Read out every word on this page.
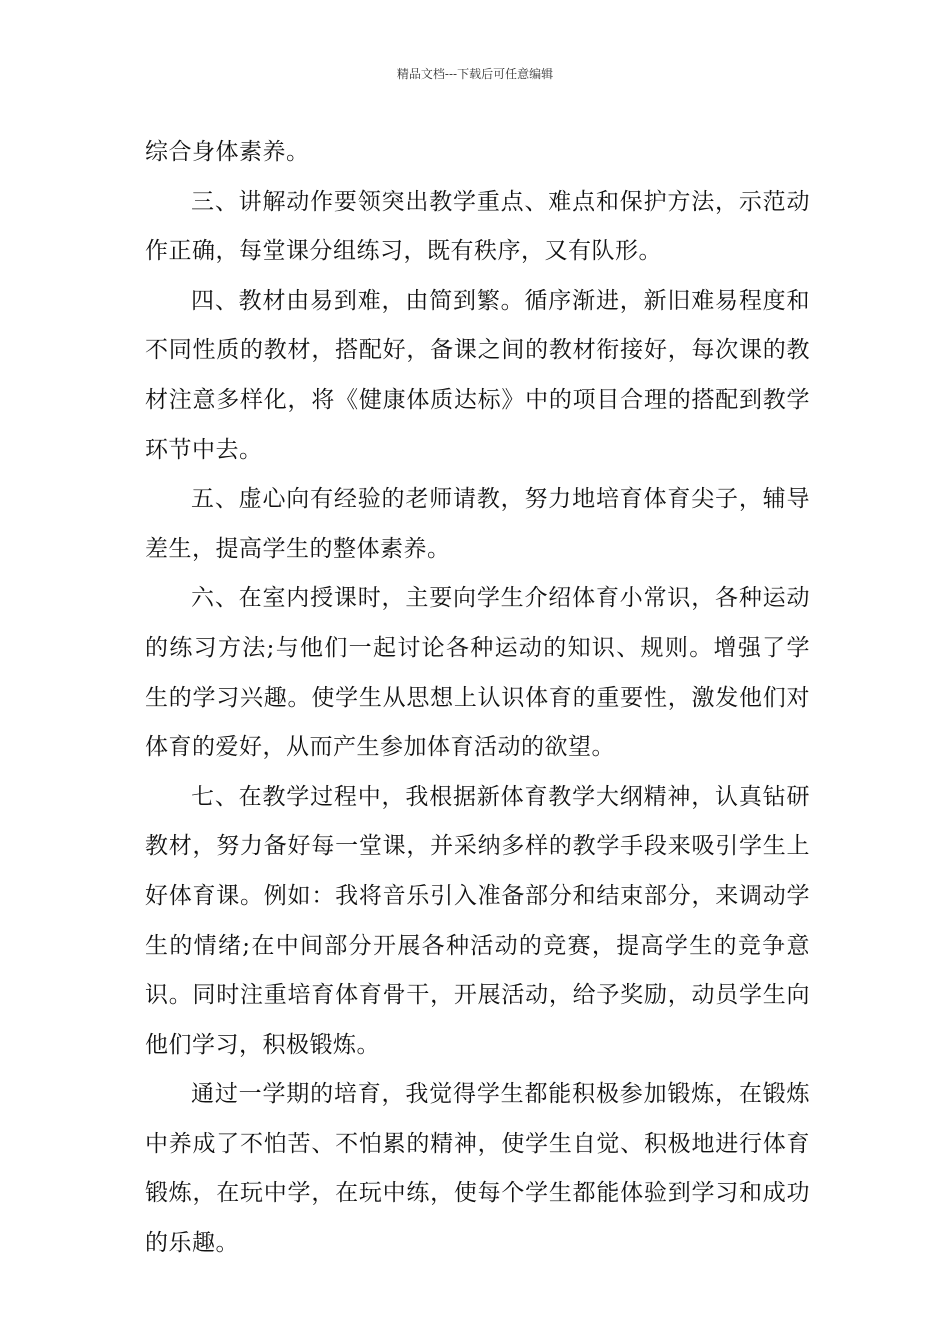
精品文档---下载后可任意编辑

综合身体素养。

三、讲解动作要领突出教学重点、难点和保护方法，示范动作正确，每堂课分组练习，既有秩序，又有队形。

四、教材由易到难，由简到繁。循序渐进，新旧难易程度和不同性质的教材，搭配好，备课之间的教材衔接好，每次课的教材注意多样化，将《健康体质达标》中的项目合理的搭配到教学环节中去。

五、虚心向有经验的老师请教，努力地培育体育尖子，辅导差生，提高学生的整体素养。

六、在室内授课时，主要向学生介绍体育小常识，各种运动的练习方法;与他们一起讨论各种运动的知识、规则。增强了学生的学习兴趣。使学生从思想上认识体育的重要性，激发他们对体育的爱好，从而产生参加体育活动的欲望。

七、在教学过程中，我根据新体育教学大纲精神，认真钻研教材，努力备好每一堂课，并采纳多样的教学手段来吸引学生上好体育课。例如：我将音乐引入准备部分和结束部分，来调动学生的情绪;在中间部分开展各种活动的竞赛，提高学生的竞争意识。同时注重培育体育骨干，开展活动，给予奖励，动员学生向他们学习，积极锻炼。

通过一学期的培育，我觉得学生都能积极参加锻炼，在锻炼中养成了不怕苦、不怕累的精神，使学生自觉、积极地进行体育锻炼，在玩中学，在玩中练，使每个学生都能体验到学习和成功的乐趣。
